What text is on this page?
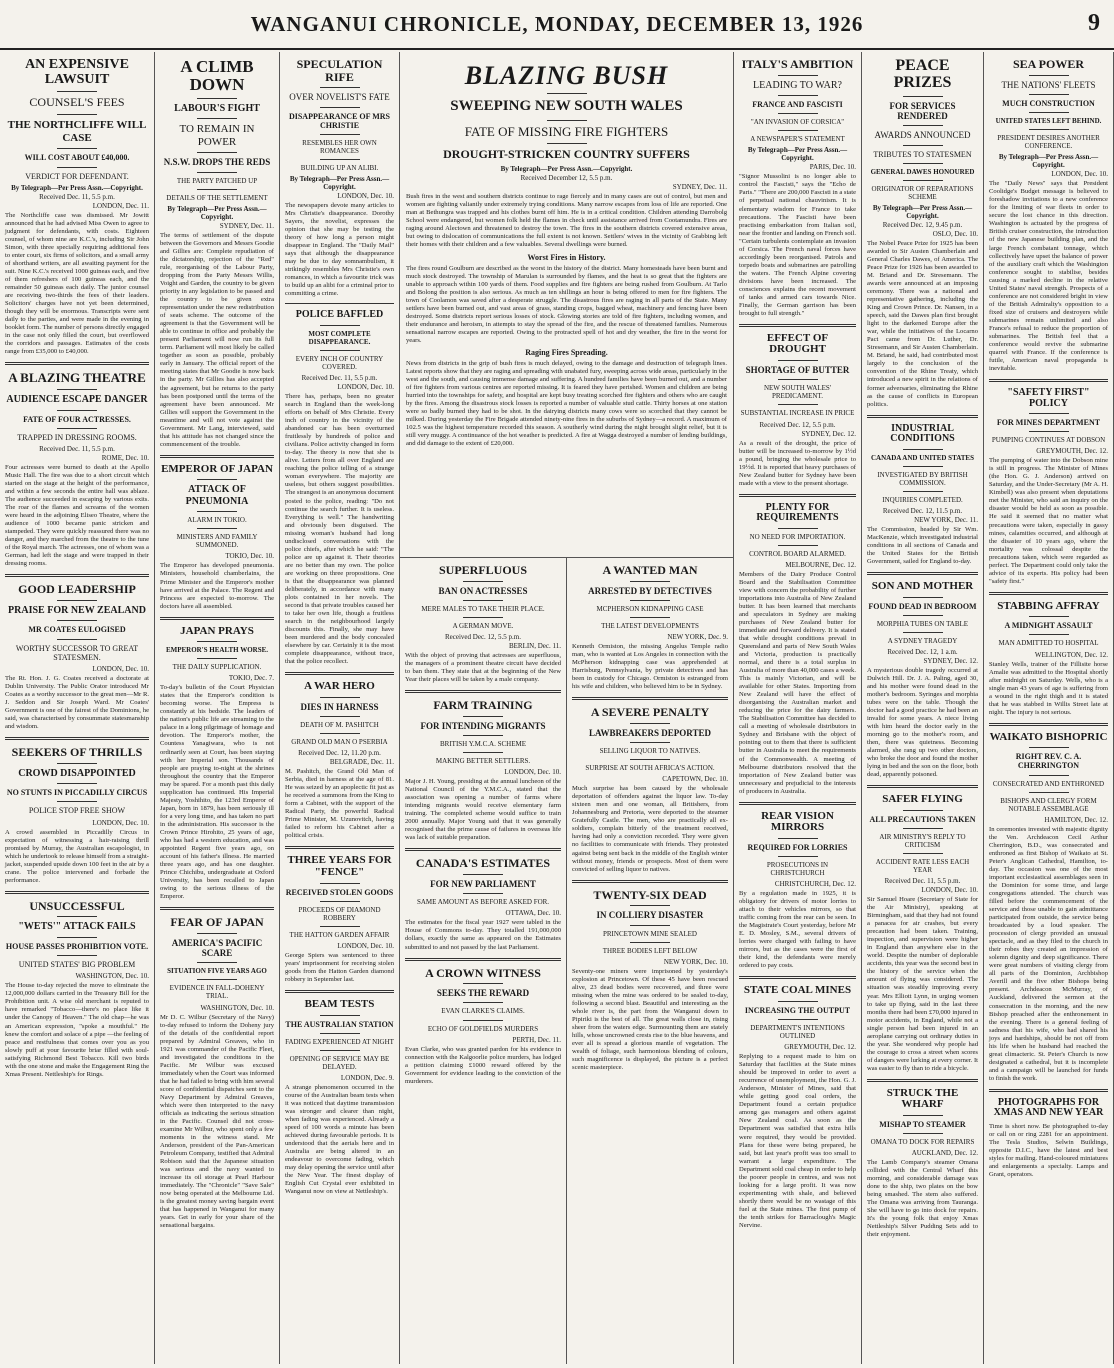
WANGANUI CHRONICLE, MONDAY, DECEMBER 13, 1926	9
AN EXPENSIVE LAWSUIT
COUNSEL'S FEES
THE NORTHCLIFFE WILL CASE
WILL COST ABOUT £40,000.
VERDICT FOR DEFENDANT.
By Telegraph—Per Press Assn.—Copyright.
Received Dec. 11, 5.5 p.m.
LONDON, Dec. 11.
The Northcliffe case was dismissed. Mr Jowitt announced that he had advised Miss Owen to agree to judgment for defendants, with costs. Eighteen counsel, of whom nine are K.C.'s, including Sir John Simon, with three specially requiring additional fees to enter court, six firms of solicitors, and a small army of shorthand writers, are all awaiting payment for the suit. Nine K.C.'s received 1000 guineas each, and five of them refreshers of 100 guineas each, and the remainder 50 guineas each daily. The junior counsel are receiving two-thirds the fees of their leaders. Solicitors' charges have not yet been determined, though they will be enormous. Transcripts were sent daily to the parties, and were made in the evening in booklet form. The number of persons directly engaged in the case not only filled the court, but overflowed the corridors and passages. Estimates of the costs range from £35,000 to £40,000.
A BLAZING THEATRE
AUDIENCE ESCAPE DANGER
FATE OF FOUR ACTRESSES.
TRAPPED IN DRESSING ROOMS.
Received Dec. 11, 5.5 p.m.
ROME, Dec. 10.
Four actresses were burned to death at the Apollo Music Hall. The fire was due to a short circuit which started on the stage at the height of the performance, and within a few seconds the entire hall was ablaze. The audience succeeded in escaping by various exits. The roar of the flames and screams of the women were heard in the adjoining Eliseo Theatre, where the audience of 1000 became panic stricken and stampeded. They were quickly reassured there was no danger, and they marched from the theatre to the tune of the Royal march. The actresses, one of whom was a German, had left the stage and were trapped in their dressing rooms.
GOOD LEADERSHIP
PRAISE FOR NEW ZEALAND
MR COATES EULOGISED
WORTHY SUCCESSOR TO GREAT STATESMEN.
LONDON, Dec. 10.
The Rt. Hon. J. G. Coates received a doctorate at Dublin University. The Public Orator introduced Mr Coates as a worthy successor to the great men—Mr R. J. Seddon and Sir Joseph Ward. Mr Coates' Government is one of the fairest of the Dominions, he said, was characterised by consummate statesmanship and wisdom.
SEEKERS OF THRILLS
CROWD DISAPPOINTED
NO STUNTS IN PICCADILLY CIRCUS
POLICE STOP FREE SHOW
LONDON, Dec. 10.
A crowd assembled in Piccadilly Circus in expectation of witnessing a hair-raising thrill promised by Murray, the Australian escapologist, in which he undertook to release himself from a straight-jacket, suspended upside down 100 feet in the air by a crane. The police intervened and forbade the performance.
UNSUCCESSFUL
"WETS'" ATTACK FAILS
HOUSE PASSES PROHIBITION VOTE.
UNITED STATES' BIG PROBLEM
WASHINGTON, Dec. 10.
The House to-day rejected the move to eliminate the 12,000,000 dollars carried in the Treasury Bill for the Prohibition unit. A wise old merchant is reputed to have remarked "Tobacco—there's no place like it under the Canopy of Heaven." The old chap—he was an American expression, "spoke a mouthful." He knew the comfort and solace of a pipe —the feeling of peace and restfulness that comes over you as you slowly puff at your favourite briar filled with soul-satisfying Richmond Best Tobacco. Kill two birds with the one stone and make the Engagement Ring the Xmas Present. Nettleship's for Rings.
A CLIMB DOWN
LABOUR'S FIGHT
TO REMAIN IN POWER
N.S.W. DROPS THE REDS
THE PARTY PATCHED UP
DETAILS OF THE SETTLEMENT
By Telegraph—Per Press Assn.—Copyright.
SYDNEY, Dec. 11.
The terms of settlement of the dispute between the Governors and Messrs Goodie and Gillies are: Complete repudiation of the dictatorship, rejection of the "Red" rule, reorganising of the Labour Party, dropping from the Party Messrs Willis, Voight and Garden, the country to be given priority in any legislation to be passed and the country to be given extra representation under the new redistribution of seats scheme. The outcome of the agreement is that the Government will be able to continue in office and probably the present Parliament will now run its full term. Parliament will most likely be called together as soon as possible, probably early in January. The official report of the meeting states that Mr Goodie is now back in the party. Mr Gillies has also accepted the agreement, but he returns to the party has been postponed until the terms of the agreement have been announced. Mr Gillies will support the Government in the meantime and will not vote against the Government. Mr Lang, interviewed, said that his attitude has not changed since the commencement of the trouble.
EMPEROR OF JAPAN
ATTACK OF PNEUMONIA
ALARM IN TOKIO.
MINISTERS AND FAMILY SUMMONED.
TOKIO, Dec. 10.
The Emperor has developed pneumonia. Ministers, household chamberlains, the Prime Minister and the Emperor's mother have arrived at the Palace. The Regent and Princess are expected to-morrow. The doctors have all assembled.
JAPAN PRAYS
EMPEROR'S HEALTH WORSE.
THE DAILY SUPPLICATION.
TOKIO, Dec. 7.
To-day's bulletin of the Court Physician states that the Emperor's condition is becoming worse. The Empress is constantly at his bedside. The leaders of the nation's public life are streaming to the palace in a long pilgrimage of homage and devotion. The Emperor's mother, the Countess Yanagiwara, who is not ordinarily seen at Court, has been staying with her Imperial son. Thousands of people are praying to-night at the shrines throughout the country that the Emperor may be spared. For a month past this daily supplication has continued. His Imperial Majesty, Yoshihito, the 123rd Emperor of Japan, born in 1879, has been seriously ill for a very long time, and has taken no part in the administration. His successor is the Crown Prince Hirohito, 25 years of age, who has had a western education, and was appointed Regent five years ago, on account of his father's illness. He married three years ago, and has one daughter. Prince Chichibu, undergraduate at Oxford University, has been recalled to Japan owing to the serious illness of the Emperor.
FEAR OF JAPAN
AMERICA'S PACIFIC SCARE
SITUATION FIVE YEARS AGO
EVIDENCE IN FALL-DOHENY TRIAL.
WASHINGTON, Dec. 10.
Mr D. C. Wilbur (Secretary of the Navy) to-day refused to inform the Doheny jury of the details of the confidential report prepared by Admiral Greaves, who in 1921 was commander of the Pacific Fleet, and investigated the conditions in the Pacific. Mr Wilbur was excused immediately when the Court was informed that he had failed to bring with him several score of confidential dispatches sent to the Navy Department by Admiral Greaves, which were then interpreted to the navy officials as indicating the serious situation in the Pacific. Counsel did not cross-examine Mr Wilbur, who spent only a few moments in the witness stand. Mr Anderson, president of the Pan-American Petroleum Company, testified that Admiral Robison said that the Japanese situation was serious and the navy wanted to increase its oil storage at Pearl Harbour immediately. The "Chronicle" "Save Sale" now being operated at the Melbourne Ltd. is the greatest money saving bargain event that has happened in Wanganui for many years. Get in early for your share of the sensational bargains.
SPECULATION RIFE
OVER NOVELIST'S FATE
DISAPPEARANCE OF MRS CHRISTIE
RESEMBLES HER OWN ROMANCES
BUILDING UP AN ALIBI.
By Telegraph—Per Press Assn.—Copyright.
LONDON, Dec. 10.
The newspapers devote many articles to Mrs Christie's disappearance. Dorothy Sayers, the novelist, expresses the opinion that she may be testing the theory of how long a person might disappear in England. The "Daily Mail" says that although the disappearance may be due to day somnambulism, it strikingly resembles Mrs Christie's own romances, in which a favourite trick was to build up an alibi for a criminal prior to committing a crime.
POLICE BAFFLED
MOST COMPLETE DISAPPEARANCE.
EVERY INCH OF COUNTRY COVERED.
Received Dec. 11, 5.5 p.m.
LONDON, Dec. 10.
There has, perhaps, been no greater search in England than the week-long efforts on behalf of Mrs Christie. Every inch of country in the vicinity of the abandoned car has been overturned fruitlessly by hundreds of police and civilians. Police activity changed in form to-day. The theory is now that she is alive. Letters from all over England are reaching the police telling of a strange woman everywhere. The majority are useless, but others suggest possibilities. The strangest is an anonymous document posted to the police, reading: "Do not continue the search further. It is useless. Everything is well." The handwriting and obviously been disguised. The missing woman's husband had long undisclosed conversations with the police chiefs, after which he said: "The police are up against it. Their theories are no better than my own. The police are working on three propositions. One is that the disappearance was planned deliberately, in accordance with many plots contained in her novels. The second is that private troubles caused her to take her own life, though a fruitless search in the neighbourhood largely discounts this. Finally, she may have been murdered and the body concealed elsewhere by car. Certainly it is the most complete disappearance, without trace, that the police recollect.
A WAR HERO
DIES IN HARNESS
DEATH OF M. PASHITCH
GRAND OLD MAN O PSERBIA
Received Dec. 12, 11.20 p.m.
BELGRADE, Dec. 11.
M. Pashitch, the Grand Old Man of Serbia, died in harness at the age of 81. He was seized by an apoplectic fit just as he received a summons from the King to form a Cabinet, with the support of the Radical Party, the powerful Radical Prime Minister, M. Uzunovitch, having failed to reform his Cabinet after a political crisis.
THREE YEARS FOR "FENCE"
RECEIVED STOLEN GOODS
PROCEEDS OF DIAMOND ROBBERY
THE HATTON GARDEN AFFAIR
LONDON, Dec. 10.
George Spiers was sentenced to three years' imprisonment for receiving stolen goods from the Hatton Garden diamond robbery in September last.
BEAM TESTS
THE AUSTRALIAN STATION
FADING EXPERIENCED AT NIGHT
OPENING OF SERVICE MAY BE DELAYED.
LONDON, Dec. 9.
A strange phenomenon occurred in the course of the Australian beam tests when it was noticed that daytime transmission was stronger and clearer than night, when fading was experienced. Already a speed of 100 words a minute has been achieved during favourable periods. It is understood that the aerials here and in Australia are being altered in an endeavour to overcome fading, which may delay opening the service until after the New Year. The finest display of English Cut Crystal ever exhibited in Wanganui now on view at Nettleship's.
BLAZING BUSH
SWEEPING NEW SOUTH WALES
FATE OF MISSING FIRE FIGHTERS
DROUGHT-STRICKEN COUNTRY SUFFERS
By Telegraph—Per Press Assn.—Copyright.
Received December 12, 5.5 p.m.
SYDNEY, Dec. 11.
Bush fires in the west and southern districts continue to rage fiercely and in many cases are out of control, but men and women are fighting valiantly under extremely trying conditions. Many narrow escapes from loss of life are reported. One man at Bethungra was trapped and his clothes burnt off him. He is in a critical condition. Children attending Darrobolg School were endangered, but women folk held the flames in check until assistance arrived from Cootamundra. Fires are raging around Alectown and threatened to destroy the town. The fires in the southern districts covered extensive areas, but owing to dislocation of communications the full extent is not known. Settlers' wives in the vicinity of Grabbing left their homes with their children and a few valuables. Several dwellings were burned.
Worst Fires in History.
The fires round Goulburn are described as the worst in the history of the district. Many homesteads have been burnt and much stock destroyed. The township of Marulan is surrounded by flames, and the heat is so great that the fighters are unable to approach within 100 yards of them. Food supplies and fire fighters are being rushed from Goulburn. At Tarlo and Bolong the position is also serious. As much as ten shillings an hour is being offered to men for fire fighters. The town of Coolamon was saved after a desperate struggle. The disastrous fires are raging in all parts of the State. Many settlers have been burned out, and vast areas of grass, standing crops, bagged wheat, machinery and fencing have been destroyed. Some districts report serious losses of stock. Glowing stories are told of fire fighters, including women, and their endurance and heroism, in attempts to stay the spread of the fire, and the rescue of threatened families. Numerous sensational narrow escapes are reported. Owing to the protracted spell of hot and dry weather, the fire in the worst for years.
Raging Fires Spreading.
News from districts in the grip of bush fires is much delayed, owing to the damage and destruction of telegraph lines. Latest reports show that they are raging and spreading with unabated fury, sweeping across wide areas, particularly in the west and the south, and causing immense damage and suffering. A hundred families have been burned out, and a number of fire fighters from various centres are reported missing. It is feared they have perished. Women and children are being hurried into the townships for safety, and hospital are kept busy treating scorched fire fighters and others who are caught by the fires. Among the disastrous stock losses is reported a number of valuable stud cattle. Thirty horses at one station were so badly burned they had to be shot. In the dairying districts many cows were so scorched that they cannot be milked. During yesterday the Fire Brigade attended ninety-nine fires in the suburbs of Sydney—a record. A maximum of 102.5 was the highest temperature recorded this season. A southerly wind during the night brought slight relief, but it is still very muggy. A continuance of the hot weather is predicted. A fire at Wagga destroyed a number of lending buildings, and did damage to the extent of £20,000.
SUPERFLUOUS
BAN ON ACTRESSES
MERE MALES TO TAKE THEIR PLACE.
A GERMAN MOVE.
Received Dec. 12, 5.5 p.m.
BERLIN, Dec. 11.
With the object of proving that actresses are superfluous, the managers of a prominent theatre circuit have decided to ban them. They state that at the beginning of the New Year their places will be taken by a male company.
FARM TRAINING
FOR INTENDING MIGRANTS
BRITISH Y.M.C.A. SCHEME
MAKING BETTER SETTLERS.
LONDON, Dec. 10.
Major J. H. Young, presiding at the annual luncheon of the National Council of the Y.M.C.A., stated that the association was opening a number of farms where intending migrants would receive elementary farm training. The completed scheme would suffice to train 2000 annually. Major Young said that it was generally recognised that the prime cause of failures in overseas life was lack of suitable preparation.
CANADA'S ESTIMATES
FOR NEW PARLIAMENT
SAME AMOUNT AS BEFORE ASKED FOR.
OTTAWA, Dec. 10.
The estimates for the fiscal year 1927 were tabled in the House of Commons to-day. They totalled 191,000,000 dollars, exactly the same as appeared on the Estimates submitted to and not passed by the last Parliament.
A CROWN WITNESS
SEEKS THE REWARD
EVAN CLARKE'S CLAIMS.
ECHO OF GOLDFIELDS MURDERS
PERTH, Dec. 11.
Evan Clarke, who was granted pardon for his evidence in connection with the Kalgoorlie police murders, has lodged a petition claiming £1000 reward offered by the Government for evidence leading to the conviction of the murderers.
A WANTED MAN
ARRESTED BY DETECTIVES
MCPHERSON KIDNAPPING CASE
THE LATEST DEVELOPMENTS
NEW YORK, Dec. 9.
Kenneth Ormiston, the missing Angelus Temple radio man, who is wanted at Los Angeles in connection with the McPherson kidnapping case was apprehended at Harrisburg, Pennsylvania, by private detectives and has been in custody for Chicago. Ormiston is estranged from his wife and children, who believed him to be in Sydney.
A SEVERE PENALTY
LAWBREAKERS DEPORTED
SELLING LIQUOR TO NATIVES.
SURPRISE AT SOUTH AFRICA'S ACTION.
CAPETOWN, Dec. 10.
Much surprise has been caused by the wholesale deportation of offenders against the liquor law. To-day sixteen men and one woman, all Britishers, from Johannesburg and Pretoria, were deported to the steamer Gratefully Castle. The men, who are practically all ex-soldiers, complain bitterly of the treatment received, having had only a conviction recorded. They were given no facilities to communicate with friends. They protested against being sent back in the middle of the English winter without money, friends or prospects. Most of them were convicted of selling liquor to natives.
TWENTY-SIX DEAD
IN COLLIERY DISASTER
PRINCETOWN MINE SEALED
THREE BODIES LEFT BELOW
NEW YORK, Dec. 10.
Seventy-one miners were imprisoned by yesterday's explosion at Princetown. Of these 45 have been rescued alive, 23 dead bodies were recovered, and three were missing when the mine was ordered to be sealed to-day, following a second blast. Beautiful and interesting as the whole river is, the part from the Wanganui down to Pipiriki is the best of all. The great walls close in, rising sheer from the waters edge. Surmounting them are stately hills, whose uncrowned crests rise to the blue heavens, and ever all is spread a glorious mantle of vegetation. The wealth of foliage, such harmonious blending of colours, such magnificence is displayed, the picture is a perfect scenic masterpiece.
ITALY'S AMBITION
LEADING TO WAR?
FRANCE AND FASCISTI
"AN INVASION OF CORSICA"
A NEWSPAPER'S STATEMENT
By Telegraph—Per Press Assn.—Copyright.
PARIS, Dec. 10.
"Signor Mussolini is no longer able to control the Fascisti," says the "Echo de Paris." "There are 200,000 Fascisti in a state of perpetual national chauvinism. It is elementary wisdom for France to take precautions. The Fascisti have been practising embarkation from Italian soil, near the frontier and landing on French soil. "Certain turbulents contemplate an invasion of Corsica. The French naval forces have accordingly been reorganised. Patrols and torpedo boats and submarines are patrolling the waters. The French Alpine covering divisions have been increased. The consciences explains the recent movement of tanks and armed cars towards Nice. Finally, the German garrison has been brought to full strength."
EFFECT OF DROUGHT
SHORTAGE OF BUTTER
NEW SOUTH WALES' PREDICAMENT.
SUBSTANTIAL INCREASE IN PRICE
Received Dec. 12, 5.5 p.m.
SYDNEY, Dec. 12.
As a result of the drought, the price of butter will be increased to-morrow by 1½d a pound, bringing the wholesale price to 19½d. It is reported that heavy purchases of New Zealand butter for Sydney have been made with a view to the present shortage.
PLENTY FOR REQUIREMENTS
NO NEED FOR IMPORTATION.
CONTROL BOARD ALARMED.
MELBOURNE, Dec. 12.
Members of the Dairy Produce Control Board and the Stabilisation Committee view with concern the probability of further importations into Australia of New Zealand butter. It has been learned that merchants and speculators in Sydney are making purchases of New Zealand butter for immediate and forward delivery. It is stated that while drought conditions prevail in Queensland and parts of New South Wales and Victoria, production is practically normal, and there is a total surplus in Australia of more than 40,000 cases a week. This is mainly Victorian, and will be available for other States. Importing from New Zealand will have the effect of disorganising the Australian market and reducing the price for the dairy farmers. The Stabilisation Committee has decided to call a meeting of wholesale distributors in Sydney and Brisbane with the object of pointing out to them that there is sufficient butter in Australia to meet the requirements of the Commonwealth. A meeting of Melbourne distributors resolved that the importation of New Zealand butter was unnecessary and prejudicial to the interests of producers in Australia.
REAR VISION MIRRORS
REQUIRED FOR LORRIES
PROSECUTIONS IN CHRISTCHURCH
CHRISTCHURCH, Dec. 12.
By a regulation made in 1925, it is obligatory for drivers of motor lorries to attach to their vehicles mirrors, so that traffic coming from the rear can be seen. In the Magistrate's Court yesterday, before Mr E. D. Mosley, S.M., several drivers of lorries were charged with failing to have mirrors, but as the cases were the first of their kind, the defendants were merely ordered to pay costs.
STATE COAL MINES
INCREASING THE OUTPUT
DEPARTMENT'S INTENTIONS OUTLINED
GREYMOUTH, Dec. 12.
Replying to a request made to him on Saturday that facilities at the State mines should be improved in order to avert a recurrence of unemployment, the Hon. G. J. Anderson, Minister of Mines, said that while getting good coal orders, the Department found a certain prejudice among gas managers and others against New Zealand coal. As soon as the Department was satisfied that extra hills were required, they would be provided. Plans for these were being prepared, he said, but last year's profit was too small to warrant a large expenditure. The Department sold coal cheap in order to help the poorer people in centres, and was not looking for a large profit. It was now experimenting with shale, and believed shortly there would be no wastage of this fuel at the State mines. The first pump of the tenth strikes for Barraclough's Magic Nervine.
PEACE PRIZES
FOR SERVICES RENDERED
AWARDS ANNOUNCED
TRIBUTES TO STATESMEN
GENERAL DAWES HONOURED
ORIGINATOR OF REPARATIONS SCHEME
By Telegraph—Per Press Assn.—Copyright.
Received Dec. 12, 9.45 p.m.
OSLO, Dec. 10.
The Nobel Peace Prize for 1925 has been awarded to Sir Austen Chamberlain and General Charles Dawes, of America. The Peace Prize for 1926 has been awarded to M. Briand and Dr. Stresemann. The awards were announced at an imposing ceremony. There was a national and representative gathering, including the King and Crown Prince. Dr. Nansen, in a speech, said the Dawes plan first brought light to the darkened Europe after the war, while the initiatives of the Locarno Pact came from Dr. Luther, Dr. Stresemann, and Sir Austen Chamberlain. M. Briand, he said, had contributed most largely to the conclusion of the convention of the Rhine Treaty, which introduced a new spirit in the relations of former adversaries, eliminating the Rhine as the cause of conflicts in European politics.
INDUSTRIAL CONDITIONS
CANADA AND UNITED STATES
INVESTIGATED BY BRITISH COMMISSION.
INQUIRIES COMPLETED.
Received Dec. 12, 11.5 p.m.
NEW YORK, Dec. 11.
The Commission, headed by Sir Wm. MacKenzie, which investigated industrial conditions in all sections of Canada and the United States for the British Government, sailed for England to-day.
SON AND MOTHER
FOUND DEAD IN BEDROOM
MORPHIA TUBES ON TABLE
A SYDNEY TRAGEDY
Received Dec. 12, 1 a.m.
SYDNEY, Dec. 12.
A mysterious double tragedy occurred at Dulwich Hill. Dr. J. A. Paling, aged 30, and his mother were found dead in the mother's bedroom. Syringes and morphia tubes were on the table. Though the doctor had a good practice he had been an invalid for some years. A niece living with him heard the doctor early in the morning go to the mother's room, and then, there was quietness. Becoming alarmed, she rang up two other doctors, who broke the door and found the mother lying in bed and the son on the floor, both dead, apparently poisoned.
SAFER FLYING
ALL PRECAUTIONS TAKEN
AIR MINISTRY'S REPLY TO CRITICISM
ACCIDENT RATE LESS EACH YEAR
Received Dec. 11, 5.5 p.m.
LONDON, Dec. 10.
Sir Samuel Hoare (Secretary of State for the Air Ministry), speaking at Birmingham, said that they had not found a panacea for air crashes, but every precaution had been taken. Training, inspection, and supervision were higher in England than anywhere else in the world. Despite the number of deplorable accidents, this year was the second best in the history of the service when the amount of flying was considered. The situation was steadily improving every year. Mrs Elliott Lynn, in urging women to take up flying, said in the last three months there had been £70,000 injured in motor accidents, in England, while not a single person had been injured in an aeroplane carrying out ordinary duties in the year. She wondered why people had the courage to cross a street when scores of dangers were lurking at every corner. It was easier to fly than to ride a bicycle.
STRUCK THE WHARF
MISHAP TO STEAMER
OMANA TO DOCK FOR REPAIRS
AUCKLAND, Dec. 12.
The Lamb Company's steamer Omana collided with the Central Wharf this morning, and considerable damage was done to the ship, two plates on the bow being smashed. The stem also suffered. The Omana was arriving from Tauranga. She will have to go into dock for repairs. It's the young folk that enjoy Xmas Nettleship's Silver Pudding Sets add to their enjoyment.
SEA POWER
THE NATIONS' FLEETS
MUCH CONSTRUCTION
UNITED STATES LEFT BEHIND.
PRESIDENT DESIRES ANOTHER CONFERENCE.
By Telegraph—Per Press Assn.—Copyright.
LONDON, Dec. 10.
The "Daily News" says that President Coolidge's Budget message is believed to foreshadow invitations to a new conference for the limiting of war fleets in order to secure the lost chance in this direction. Washington is actuated by the progress of British cruiser construction, the introduction of the new Japanese building plan, and the large French combatant tonnage, which collectively have upset the balance of power of the auxiliary craft which the Washington conference sought to stabilise, besides causing a marked decline in the relative United States' naval strength. Prospects of a conference are not considered bright in view of the British Admiralty's opposition to a fixed size of cruisers and destroyers while submarines remain unlimited and also France's refusal to reduce the proportion of submarines. The British feel that a conference would revive the submarine quarrel with France. If the conference is futile, American naval propaganda is inevitable.
"SAFETY FIRST" POLICY
FOR MINES DEPARTMENT
PUMPING CONTINUES AT DOBSON
GREYMOUTH, Dec. 12.
The pumping of water into the Dobson mine is still in progress. The Minister of Mines (the Hon. G. J. Anderson) arrived on Saturday, and the Under-Secretary (Mr A. H. Kimbell) was also present when deputations met the Minister, who said an inquiry on the disaster would be held as soon as possible. He said it seemed that no matter what precautions were taken, especially in gassy mines, calamities occurred, and although at the disaster of 10 years ago, where the mortality was colossal despite the precautions taken, which were regarded as perfect. The Department could only take the advice of its experts. His policy had been "safety first."
STABBING AFFRAY
A MIDNIGHT ASSAULT
MAN ADMITTED TO HOSPITAL
WELLINGTON, Dec. 12.
Stanley Wells, trainer of the Fillisite horse Amalie was admitted to the Hospital shortly after midnight on Saturday. Wells, who is a single man 43 years of age is suffering from a wound in the right thigh and it is stated that he was stabbed in Willis Street late at night. The injury is not serious.
WAIKATO BISHOPRIC
RIGHT REV. C. A. CHERRINGTON
CONSECRATED AND ENTHRONED
BISHOPS AND CLERGY FORM NOTABLE ASSEMBLAGE
HAMILTON, Dec. 12.
In ceremonies invested with majestic dignity the Ven. Archdeacon Cecil Arthur Cherrington, B.D., was consecrated and enthroned as first Bishop of Waikato at St. Peter's Anglican Cathedral, Hamilton, to-day. The occasion was one of the most important ecclesiastical assemblages seen in the Dominion for some time, and large congregations attended. The church was filled before the commencement of the service and those unable to gain admittance participated from outside, the service being broadcasted by a loud speaker. The procession of clergy provided an unusual spectacle, and as they filed to the church in their robes they created an impression of solemn dignity and deep significance. There were great numbers of visiting clergy from all parts of the Dominion, Archbishop Averill and the five other Bishops being present. Archdeacon McMurray, of Auckland, delivered the sermon at the consecration in the morning, and the new Bishop preached after the enthronement in the evening. There is a general feeling of sadness that his wife, who had shared his joys and hardships, should be not off from his life when he husband had reached the great climacteric. St. Peter's Church is now designated a cathedral, but it is incomplete and a campaign will be launched for funds to finish the work.
PHOTOGRAPHS FOR XMAS AND NEW YEAR
Time is short now. Be photographed to-day or call on or ring 2281 for an appointment. The Tesla Studios, Selwin Buildings, opposite D.I.C., have the latest and best styles for mailing. Hand-coloured miniatures and enlargements a specialty. Lamps and Grant, operators.
